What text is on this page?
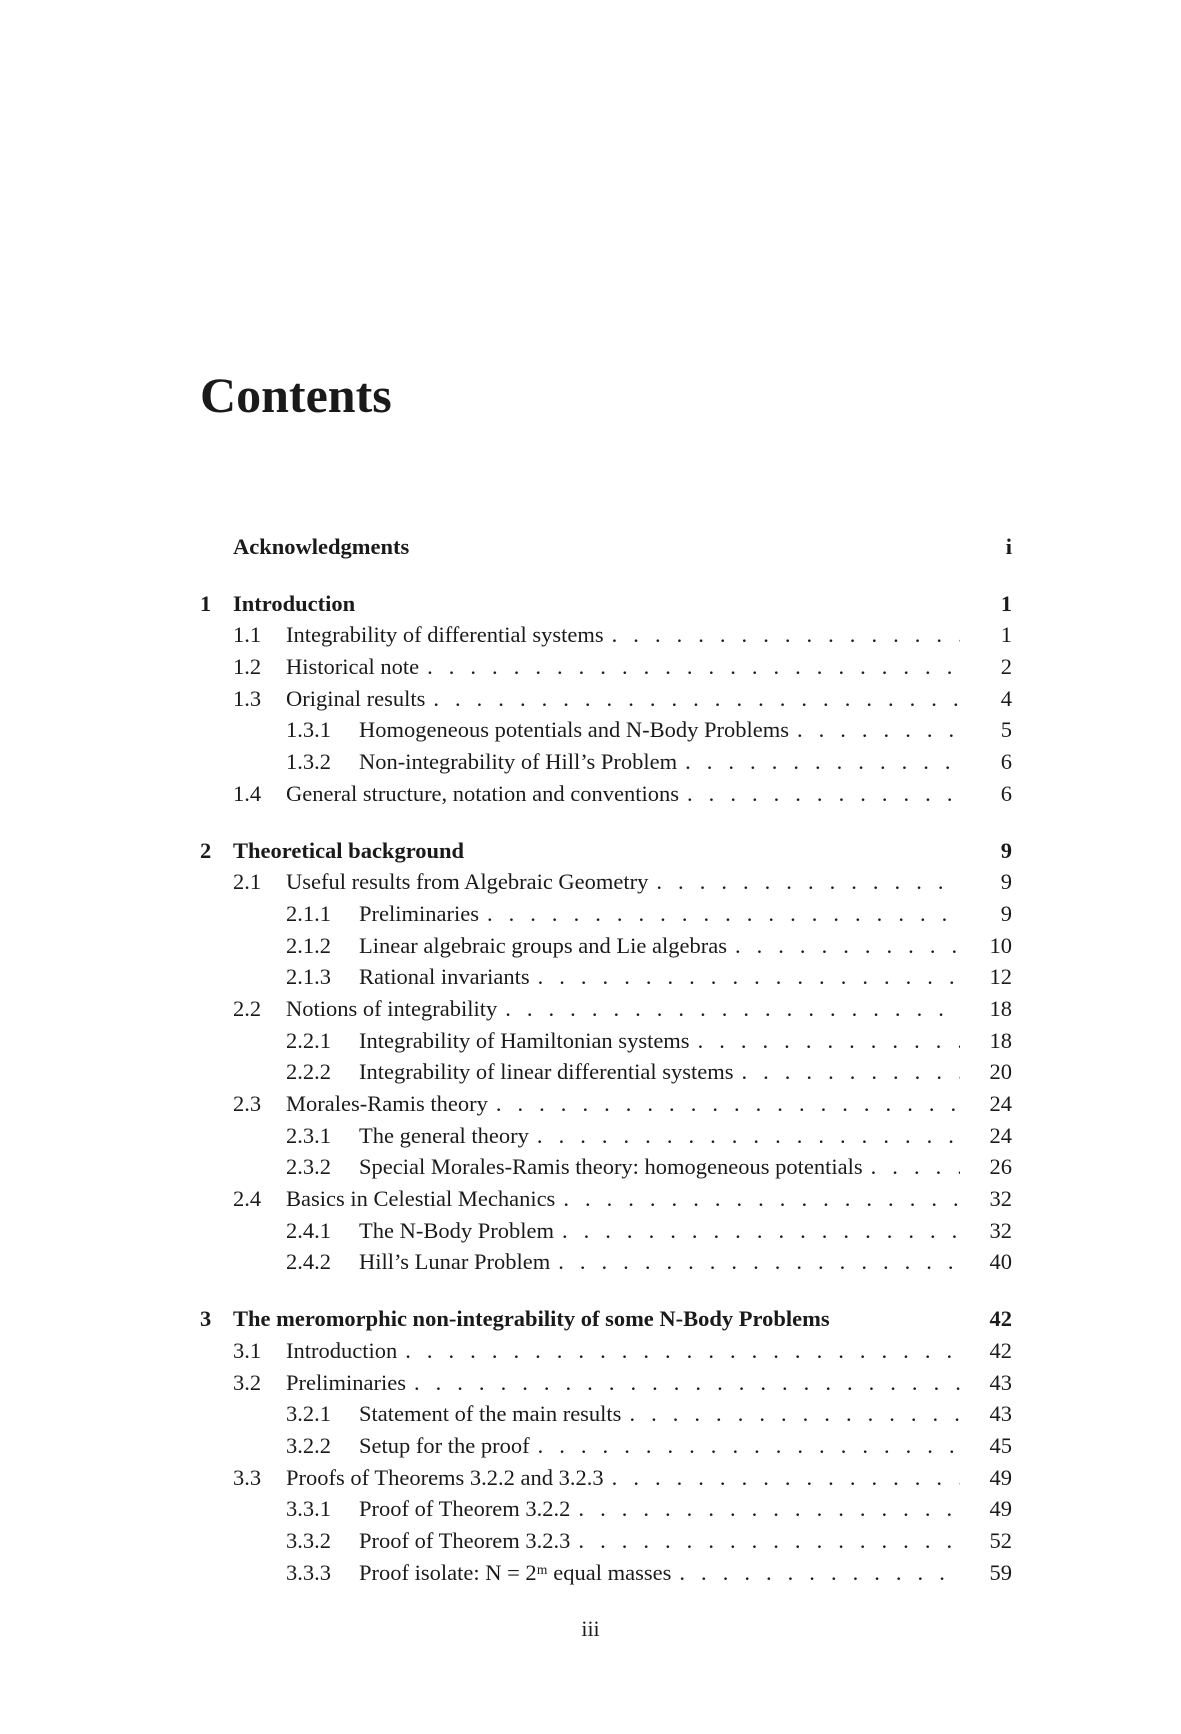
Contents
Acknowledgments	i
1 Introduction	1
1.1	Integrability of differential systems . . .	1
1.2	Historical note . . .	2
1.3	Original results . . .	4
1.3.1	Homogeneous potentials and N-Body Problems . . .	5
1.3.2	Non-integrability of Hill’s Problem . . .	6
1.4	General structure, notation and conventions . . .	6
2 Theoretical background	9
2.1	Useful results from Algebraic Geometry . . .	9
2.1.1	Preliminaries . . .	9
2.1.2	Linear algebraic groups and Lie algebras . . .	10
2.1.3	Rational invariants . . .	12
2.2	Notions of integrability . . .	18
2.2.1	Integrability of Hamiltonian systems . . .	18
2.2.2	Integrability of linear differential systems . . .	20
2.3	Morales-Ramis theory . . .	24
2.3.1	The general theory . . .	24
2.3.2	Special Morales-Ramis theory: homogeneous potentials . . .	26
2.4	Basics in Celestial Mechanics . . .	32
2.4.1	The N-Body Problem . . .	32
2.4.2	Hill’s Lunar Problem . . .	40
3 The meromorphic non-integrability of some N-Body Problems	42
3.1	Introduction . . .	42
3.2	Preliminaries . . .	43
3.2.1	Statement of the main results . . .	43
3.2.2	Setup for the proof . . .	45
3.3	Proofs of Theorems 3.2.2 and 3.2.3 . . .	49
3.3.1	Proof of Theorem 3.2.2 . . .	49
3.3.2	Proof of Theorem 3.2.3 . . .	52
3.3.3	Proof isolate: N = 2ᵐ equal masses . . .	59
iii
